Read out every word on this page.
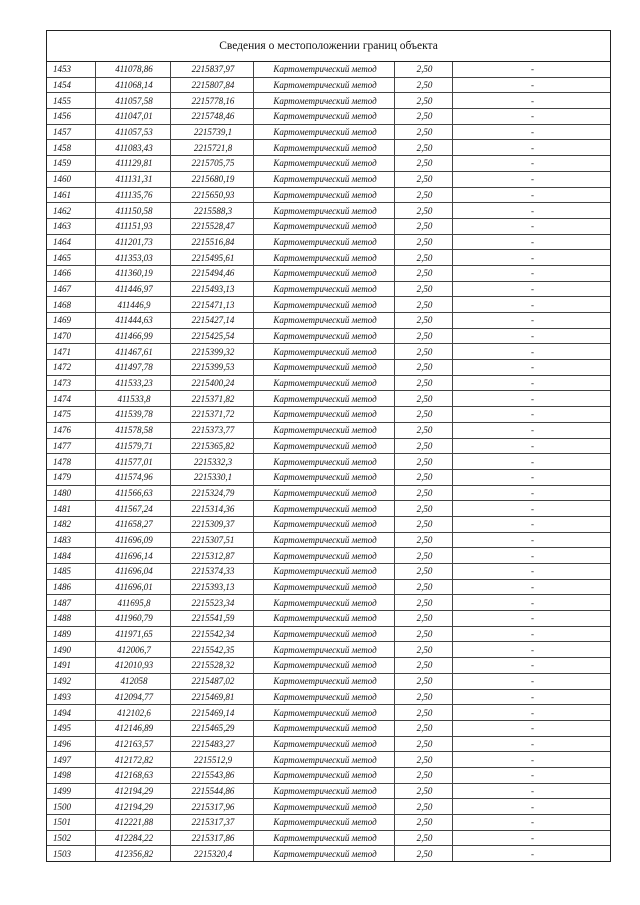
Сведения о местоположении границ объекта
1453	411078,86	2215837,97	Картометрический метод	2,50	-
1454	411068,14	2215807,84	Картометрический метод	2,50	-
1455	411057,58	2215778,16	Картометрический метод	2,50	-
1456	411047,01	2215748,46	Картометрический метод	2,50	-
1457	411057,53	2215739,1	Картометрический метод	2,50	-
1458	411083,43	2215721,8	Картометрический метод	2,50	-
1459	411129,81	2215705,75	Картометрический метод	2,50	-
1460	411131,31	2215680,19	Картометрический метод	2,50	-
1461	411135,76	2215650,93	Картометрический метод	2,50	-
1462	411150,58	2215588,3	Картометрический метод	2,50	-
1463	411151,93	2215528,47	Картометрический метод	2,50	-
1464	411201,73	2215516,84	Картометрический метод	2,50	-
1465	411353,03	2215495,61	Картометрический метод	2,50	-
1466	411360,19	2215494,46	Картометрический метод	2,50	-
1467	411446,97	2215493,13	Картометрический метод	2,50	-
1468	411446,9	2215471,13	Картометрический метод	2,50	-
1469	411444,63	2215427,14	Картометрический метод	2,50	-
1470	411466,99	2215425,54	Картометрический метод	2,50	-
1471	411467,61	2215399,32	Картометрический метод	2,50	-
1472	411497,78	2215399,53	Картометрический метод	2,50	-
1473	411533,23	2215400,24	Картометрический метод	2,50	-
1474	411533,8	2215371,82	Картометрический метод	2,50	-
1475	411539,78	2215371,72	Картометрический метод	2,50	-
1476	411578,58	2215373,77	Картометрический метод	2,50	-
1477	411579,71	2215365,82	Картометрический метод	2,50	-
1478	411577,01	2215332,3	Картометрический метод	2,50	-
1479	411574,96	2215330,1	Картометрический метод	2,50	-
1480	411566,63	2215324,79	Картометрический метод	2,50	-
1481	411567,24	2215314,36	Картометрический метод	2,50	-
1482	411658,27	2215309,37	Картометрический метод	2,50	-
1483	411696,09	2215307,51	Картометрический метод	2,50	-
1484	411696,14	2215312,87	Картометрический метод	2,50	-
1485	411696,04	2215374,33	Картометрический метод	2,50	-
1486	411696,01	2215393,13	Картометрический метод	2,50	-
1487	411695,8	2215523,34	Картометрический метод	2,50	-
1488	411960,79	2215541,59	Картометрический метод	2,50	-
1489	411971,65	2215542,34	Картометрический метод	2,50	-
1490	412006,7	2215542,35	Картометрический метод	2,50	-
1491	412010,93	2215528,32	Картометрический метод	2,50	-
1492	412058	2215487,02	Картометрический метод	2,50	-
1493	412094,77	2215469,81	Картометрический метод	2,50	-
1494	412102,6	2215469,14	Картометрический метод	2,50	-
1495	412146,89	2215465,29	Картометрический метод	2,50	-
1496	412163,57	2215483,27	Картометрический метод	2,50	-
1497	412172,82	2215512,9	Картометрический метод	2,50	-
1498	412168,63	2215543,86	Картометрический метод	2,50	-
1499	412194,29	2215544,86	Картометрический метод	2,50	-
1500	412194,29	2215317,96	Картометрический метод	2,50	-
1501	412221,88	2215317,37	Картометрический метод	2,50	-
1502	412284,22	2215317,86	Картометрический метод	2,50	-
1503	412356,82	2215320,4	Картометрический метод	2,50	-
